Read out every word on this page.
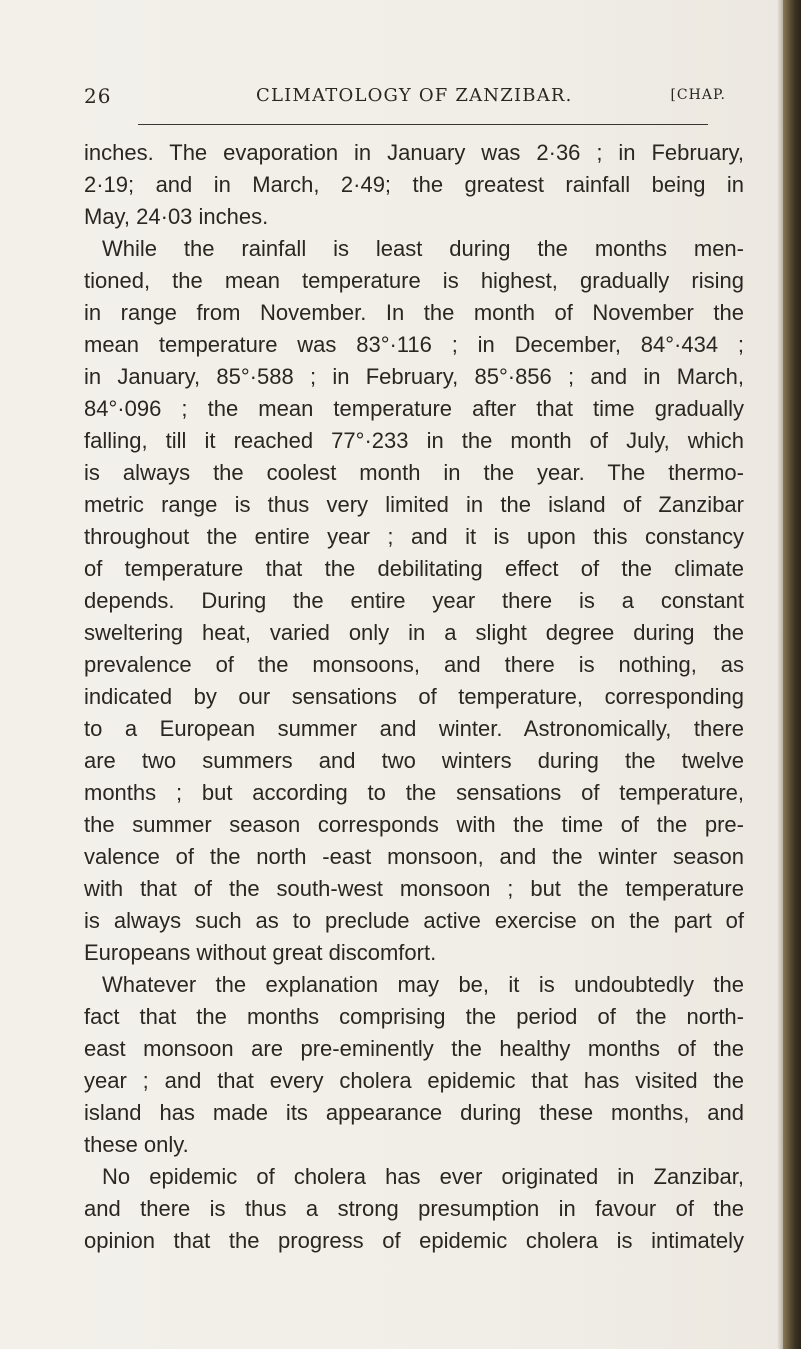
26	CLIMATOLOGY OF ZANZIBAR.	[CHAP.
inches. The evaporation in January was 2·36 ; in February,
2·19; and in March, 2·49; the greatest rainfall being in
May, 24·03 inches.
While the rainfall is least during the months men-
tioned, the mean temperature is highest, gradually rising
in range from November. In the month of November the
mean temperature was 83°·116 ; in December, 84°·434 ;
in January, 85°·588 ; in February, 85°·856 ; and in March,
84°·096 ; the mean temperature after that time gradually
falling, till it reached 77°·233 in the month of July, which
is always the coolest month in the year. The thermo-
metric range is thus very limited in the island of Zanzibar
throughout the entire year ; and it is upon this constancy
of temperature that the debilitating effect of the climate
depends. During the entire year there is a constant
sweltering heat, varied only in a slight degree during the
prevalence of the monsoons, and there is nothing, as
indicated by our sensations of temperature, corresponding
to a European summer and winter. Astronomically, there
are two summers and two winters during the twelve
months ; but according to the sensations of temperature,
the summer season corresponds with the time of the pre-
valence of the north -east monsoon, and the winter season
with that of the south-west monsoon ; but the temperature
is always such as to preclude active exercise on the part of
Europeans without great discomfort.
Whatever the explanation may be, it is undoubtedly the
fact that the months comprising the period of the north-
east monsoon are pre-eminently the healthy months of the
year ; and that every cholera epidemic that has visited the
island has made its appearance during these months, and
these only.
No epidemic of cholera has ever originated in Zanzibar,
and there is thus a strong presumption in favour of the
opinion that the progress of epidemic cholera is intimately
